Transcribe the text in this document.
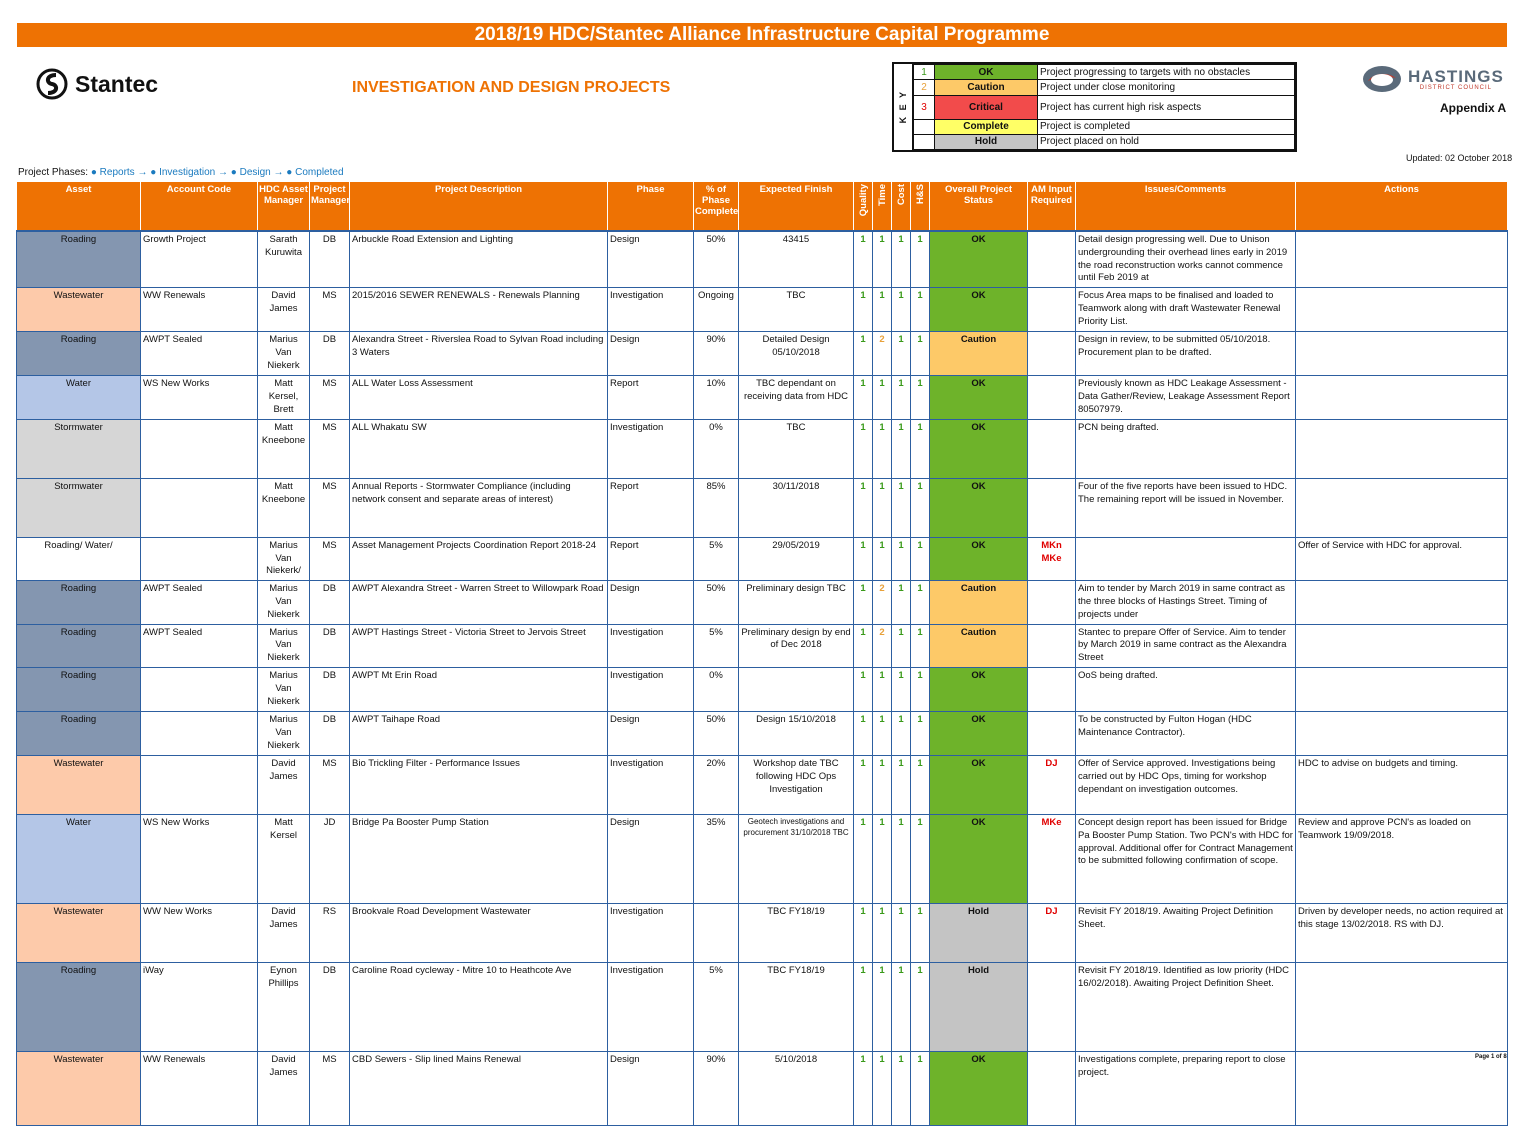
2018/19 HDC/Stantec Alliance Infrastructure Capital Programme
Stantec	INVESTIGATION AND DESIGN PROJECTS
K E Y
1	OK	Project progressing to targets with no obstacles
2	Caution	Project under close monitoring
3	Critical	Project has current high risk aspects
	Complete	Project is completed
	Hold	Project placed on hold
HASTINGS
DISTRICT COUNCIL
Appendix A
Updated: 02 October 2018
Project Phases: ● Reports → ● Investigation → ● Design → ● Completed
Asset	Account Code	HDC Asset Manager	Project Manager	Project Description	Phase	% of Phase Complete	Expected Finish	Quality	Time	Cost	H&S	Overall Project Status	AM Input Required	Issues/Comments	Actions
Roading	Growth Project	Sarath Kuruwita	DB	Arbuckle Road Extension and Lighting	Design	50%	43415	1	1	1	1	OK		Detail design progressing well. Due to Unison undergrounding their overhead lines early in 2019 the road reconstruction works cannot commence until Feb 2019 at	
Wastewater	WW Renewals	David James	MS	2015/2016 SEWER RENEWALS - Renewals Planning	Investigation	Ongoing	TBC	1	1	1	1	OK		Focus Area maps to be finalised and loaded to Teamwork along with draft Wastewater Renewal Priority List.	
Roading	AWPT Sealed	Marius Van Niekerk	DB	Alexandra Street - Riverslea Road to Sylvan Road including 3 Waters	Design	90%	Detailed Design 05/10/2018	1	2	1	1	Caution		Design in review, to be submitted 05/10/2018. Procurement plan to be drafted.	
Water	WS New Works	Matt Kersel, Brett	MS	ALL Water Loss Assessment	Report	10%	TBC dependant on receiving data from HDC	1	1	1	1	OK		Previously known as HDC Leakage Assessment - Data Gather/Review, Leakage Assessment Report 80507979.	
Stormwater		Matt Kneebone	MS	ALL Whakatu SW	Investigation	0%	TBC	1	1	1	1	OK		PCN being drafted.	
Stormwater		Matt Kneebone	MS	Annual Reports - Stormwater Compliance (including network consent and separate areas of interest)	Report	85%	30/11/2018	1	1	1	1	OK		Four of the five reports have been issued to HDC. The remaining report will be issued in November.	
Roading/ Water/		Marius Van Niekerk/	MS	Asset Management Projects Coordination Report 2018-24	Report	5%	29/05/2019	1	1	1	1	OK	MKn MKe		Offer of Service with HDC for approval.
Roading	AWPT Sealed	Marius Van Niekerk	DB	AWPT Alexandra Street - Warren Street to Willowpark Road	Design	50%	Preliminary design TBC	1	2	1	1	Caution		Aim to tender by March 2019 in same contract as the three blocks of Hastings Street. Timing of projects under	
Roading	AWPT Sealed	Marius Van Niekerk	DB	AWPT Hastings Street - Victoria Street to Jervois Street	Investigation	5%	Preliminary design by end of Dec 2018	1	2	1	1	Caution		Stantec to prepare Offer of Service. Aim to tender by March 2019 in same contract as the Alexandra Street	
Roading		Marius Van Niekerk	DB	AWPT Mt Erin Road	Investigation	0%		1	1	1	1	OK		OoS being drafted.	
Roading		Marius Van Niekerk	DB	AWPT Taihape Road	Design	50%	Design 15/10/2018	1	1	1	1	OK		To be constructed by Fulton Hogan (HDC Maintenance Contractor).	
Wastewater		David James	MS	Bio Trickling Filter - Performance Issues	Investigation	20%	Workshop date TBC following HDC Ops Investigation	1	1	1	1	OK	DJ	Offer of Service approved. Investigations being carried out by HDC Ops, timing for workshop dependant on investigation outcomes.	HDC to advise on budgets and timing.
Water	WS New Works	Matt Kersel	JD	Bridge Pa Booster Pump Station	Design	35%	Geotech investigations and procurement 31/10/2018 TBC	1	1	1	1	OK	MKe	Concept design report has been issued for Bridge Pa Booster Pump Station. Two PCN's with HDC for approval. Additional offer for Contract Management to be submitted following confirmation of scope.	Review and approve PCN's as loaded on Teamwork 19/09/2018.
Wastewater	WW New Works	David James	RS	Brookvale Road Development Wastewater	Investigation		TBC FY18/19	1	1	1	1	Hold	DJ	Revisit FY 2018/19. Awaiting Project Definition Sheet.	Driven by developer needs, no action required at this stage 13/02/2018. RS with DJ.
Roading	iWay	Eynon Phillips	DB	Caroline Road cycleway - Mitre 10 to Heathcote Ave	Investigation	5%	TBC FY18/19	1	1	1	1	Hold		Revisit FY 2018/19. Identified as low priority (HDC 16/02/2018). Awaiting Project Definition Sheet.	
Wastewater	WW Renewals	David James	MS	CBD Sewers - Slip lined Mains Renewal	Design	90%	5/10/2018	1	1	1	1	OK		Investigations complete, preparing report to close project.	
Page 1 of 8
